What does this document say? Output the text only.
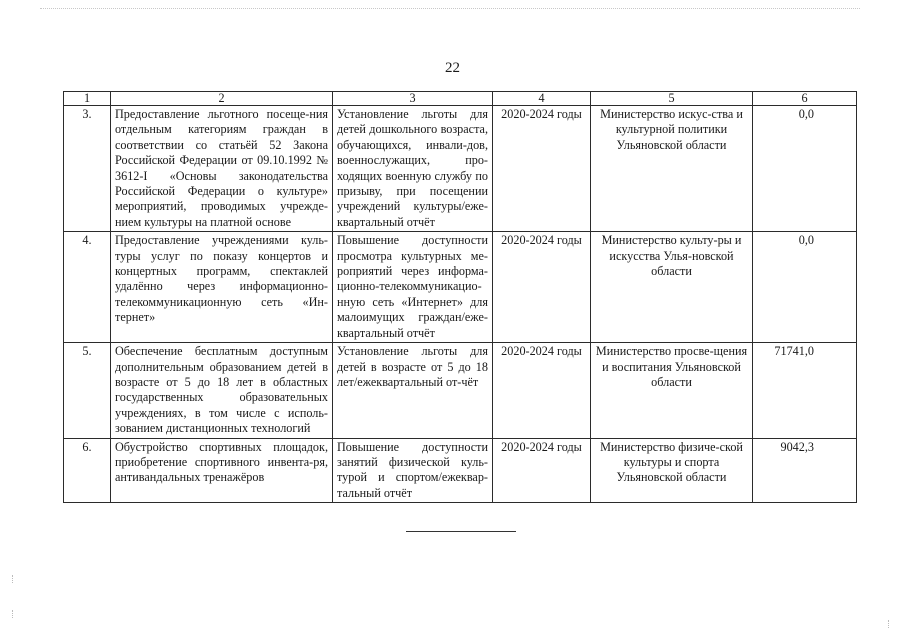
22
1	2	3	4	5	6
3.	Предоставление льготного посеще-ния отдельным категориям граждан в соответствии со статьёй 52 Закона Российской Федерации от 09.10.1992 № 3612-I «Основы законодательства Российской Федерации о культуре» мероприятий, проводимых учрежде-нием культуры на платной основе	Установление льготы для детей дошкольного возраста, обучающихся, инвали-дов, военнослужащих, про-ходящих военную службу по призыву, при посещении учреждений культуры/еже-квартальный отчёт	2020-2024 годы	Министерство искус-ства и культурной политики Ульяновской области	0,0
4.	Предоставление учреждениями куль-туры услуг по показу концертов и концертных программ, спектаклей удалённо через информационно-телекоммуникационную сеть «Ин-тернет»	Повышение доступности просмотра культурных ме-роприятий через информа-ционно-телекоммуникацио-нную сеть «Интернет» для малоимущих граждан/еже-квартальный отчёт	2020-2024 годы	Министерство культу-ры и искусства Улья-новской области	0,0
5.	Обеспечение бесплатным доступным дополнительным образованием детей в возрасте от 5 до 18 лет в областных государственных образовательных учреждениях, в том числе с исполь-зованием дистанционных технологий	Установление льготы для детей в возрасте от 5 до 18 лет/ежеквартальный от-чёт	2020-2024 годы	Министерство просве-щения и воспитания Ульяновской области	71741,0
6.	Обустройство спортивных площадок, приобретение спортивного инвента-ря, антивандальных тренажёров	Повышение доступности занятий физической куль-турой и спортом/ежеквар-тальный отчёт	2020-2024 годы	Министерство физиче-ской культуры и спорта Ульяновской области	9042,3
